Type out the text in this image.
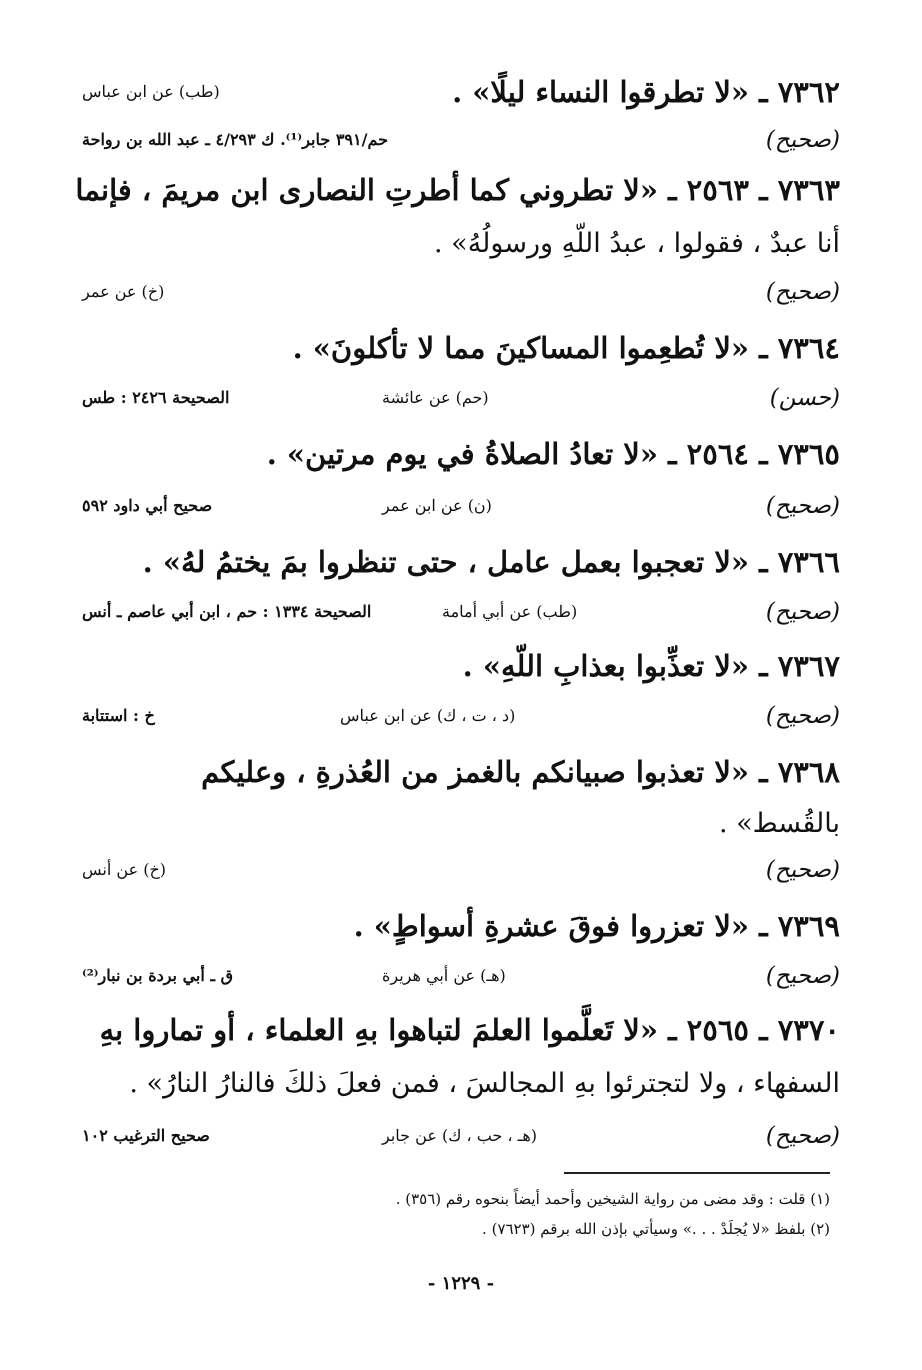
٧٣٦٢ ـ «لا تطرقوا النساء ليلًا» .
(طب) عن ابن عباس
(صحيح)
حم/٣٩١ جابر⁽¹⁾. ك ٤/٢٩٣ ـ عبد الله بن رواحة
٧٣٦٣ ـ ٢٥٦٣ ـ «لا تطروني كما أطرتِ النصارى ابن مريمَ ، فإنما
أنا عبدٌ ، فقولوا ، عبدُ اللّهِ ورسولُهُ» .
(صحيح)
(خ) عن عمر
٧٣٦٤ ـ «لا تُطعِموا المساكينَ مما لا تأكلونَ» .
(حسن)
(حم) عن عائشة
الصحيحة ٢٤٢٦ : طس
٧٣٦٥ ـ ٢٥٦٤ ـ «لا تعادُ الصلاةُ في يوم مرتين» .
(صحيح)
(ن) عن ابن عمر
صحيح أبي داود ٥٩٢
٧٣٦٦ ـ «لا تعجبوا بعمل عامل ، حتى تنظروا بمَ يختمُ لهُ» .
(صحيح)
(طب) عن أبي أمامة
الصحيحة ١٣٣٤ : حم ، ابن أبي عاصم ـ أنس
٧٣٦٧ ـ «لا تعذِّبوا بعذابِ اللّهِ» .
(صحيح)
(د ، ت ، ك) عن ابن عباس
خ : استتابة
٧٣٦٨ ـ «لا تعذبوا صبيانكم بالغمز من العُذرةِ ، وعليكم
بالقُسط» .
(صحيح)
(خ) عن أنس
٧٣٦٩ ـ «لا تعزروا فوقَ عشرةِ أسواطٍ» .
(صحيح)
(هـ) عن أبي هريرة
ق ـ أبي بردة بن نبار⁽²⁾
٧٣٧٠ ـ ٢٥٦٥ ـ «لا تَعلَّموا العلمَ لتباهوا بهِ العلماء ، أو تماروا بهِ
السفهاء ، ولا لتجترئوا بهِ المجالسَ ، فمن فعلَ ذلكَ فالنارُ النارُ» .
(صحيح)
(هـ ، حب ، ك) عن جابر
صحيح الترغيب ١٠٢
(١) قلت : وقد مضى من رواية الشيخين وأحمد أيضاً بنحوه رقم (٣٥٦) .
(٢) بلفظ «لا يُجلَدْ . . .» وسيأتي بإذن الله برقم (٧٦٢٣) .
- ١٢٢٩ -
